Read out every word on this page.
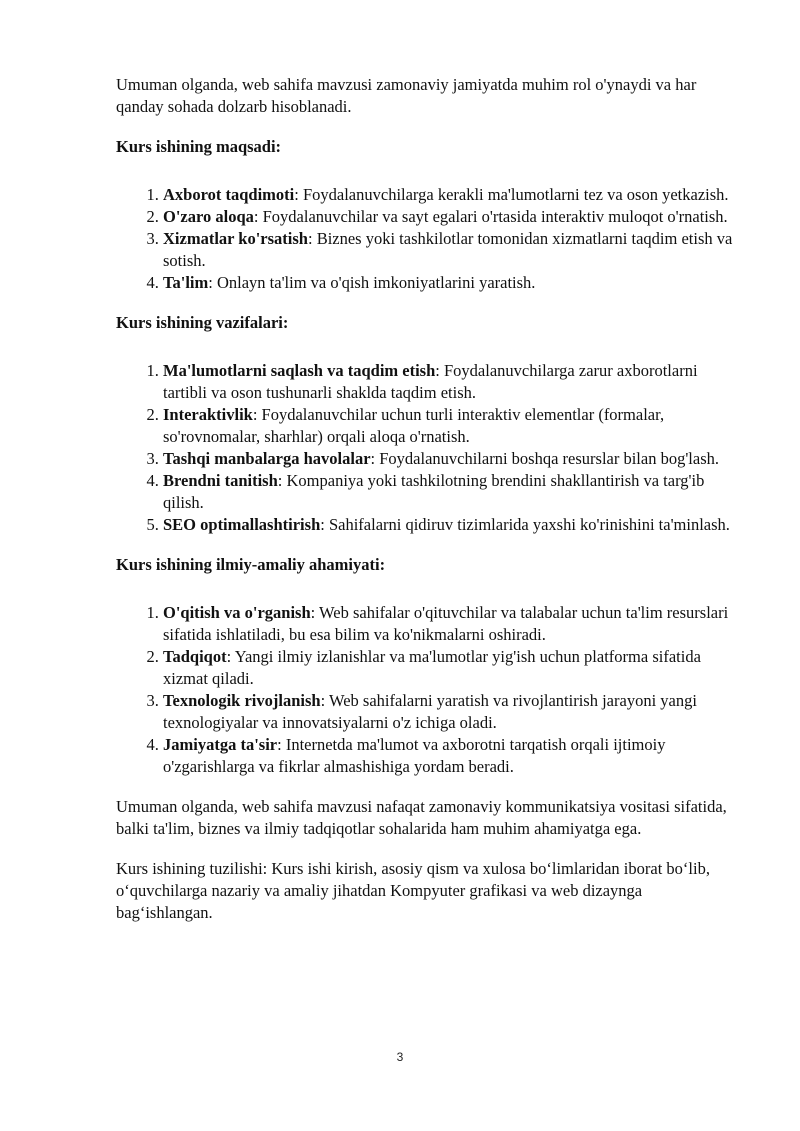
Umuman olganda, web sahifa mavzusi zamonaviy jamiyatda muhim rol o'ynaydi va har qanday sohada dolzarb hisoblanadi.

Kurs ishining maqsadi:

1. Axborot taqdimoti: Foydalanuvchilarga kerakli ma'lumotlarni tez va oson yetkazish.
2. O'zaro aloqa: Foydalanuvchilar va sayt egalari o'rtasida interaktiv muloqot o'rnatish.
3. Xizmatlar ko'rsatish: Biznes yoki tashkilotlar tomonidan xizmatlarni taqdim etish va sotish.
4. Ta'lim: Onlayn ta'lim va o'qish imkoniyatlarini yaratish.

Kurs ishining vazifalari:

1. Ma'lumotlarni saqlash va taqdim etish: Foydalanuvchilarga zarur axborotlarni tartibli va oson tushunarli shaklda taqdim etish.
2. Interaktivlik: Foydalanuvchilar uchun turli interaktiv elementlar (formalar, so'rovnomalar, sharhlar) orqali aloqa o'rnatish.
3. Tashqi manbalarga havolalar: Foydalanuvchilarni boshqa resurslar bilan bog'lash.
4. Brendni tanitish: Kompaniya yoki tashkilotning brendini shakllantirish va targ'ib qilish.
5. SEO optimallashtirish: Sahifalarni qidiruv tizimlarida yaxshi ko'rinishini ta'minlash.

Kurs ishining ilmiy-amaliy ahamiyati:

1. O'qitish va o'rganish: Web sahifalar o'qituvchilar va talabalar uchun ta'lim resurslari sifatida ishlatiladi, bu esa bilim va ko'nikmalarni oshiradi.
2. Tadqiqot: Yangi ilmiy izlanishlar va ma'lumotlar yig'ish uchun platforma sifatida xizmat qiladi.
3. Texnologik rivojlanish: Web sahifalarni yaratish va rivojlantirish jarayoni yangi texnologiyalar va innovatsiyalarni o'z ichiga oladi.
4. Jamiyatga ta'sir: Internetda ma'lumot va axborotni tarqatish orqali ijtimoiy o'zgarishlarga va fikrlar almashishiga yordam beradi.

Umuman olganda, web sahifa mavzusi nafaqat zamonaviy kommunikatsiya vositasi sifatida, balki ta'lim, biznes va ilmiy tadqiqotlar sohalarida ham muhim ahamiyatga ega.

Kurs ishining tuzilishi: Kurs ishi kirish, asosiy qism va xulosa bo‘limlaridan iborat bo‘lib, o‘quvchilarga nazariy va amaliy jihatdan Kompyuter grafikasi va web dizaynga bag‘ishlangan.

3
